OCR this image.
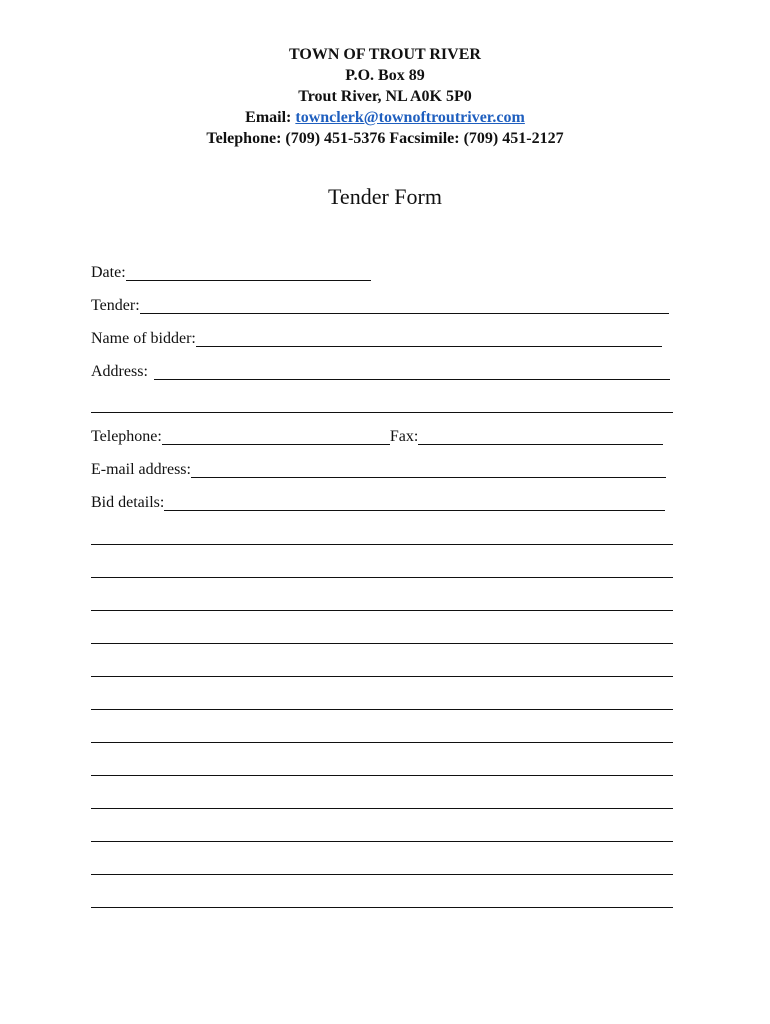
TOWN OF TROUT RIVER
P.O. Box 89
Trout River, NL A0K 5P0
Email: townclerk@townoftroutriver.com
Telephone: (709) 451-5376 Facsimile: (709) 451-2127
Tender Form
Date:
Tender:
Name of bidder:
Address:
Telephone:	Fax:
E-mail address:
Bid details:
